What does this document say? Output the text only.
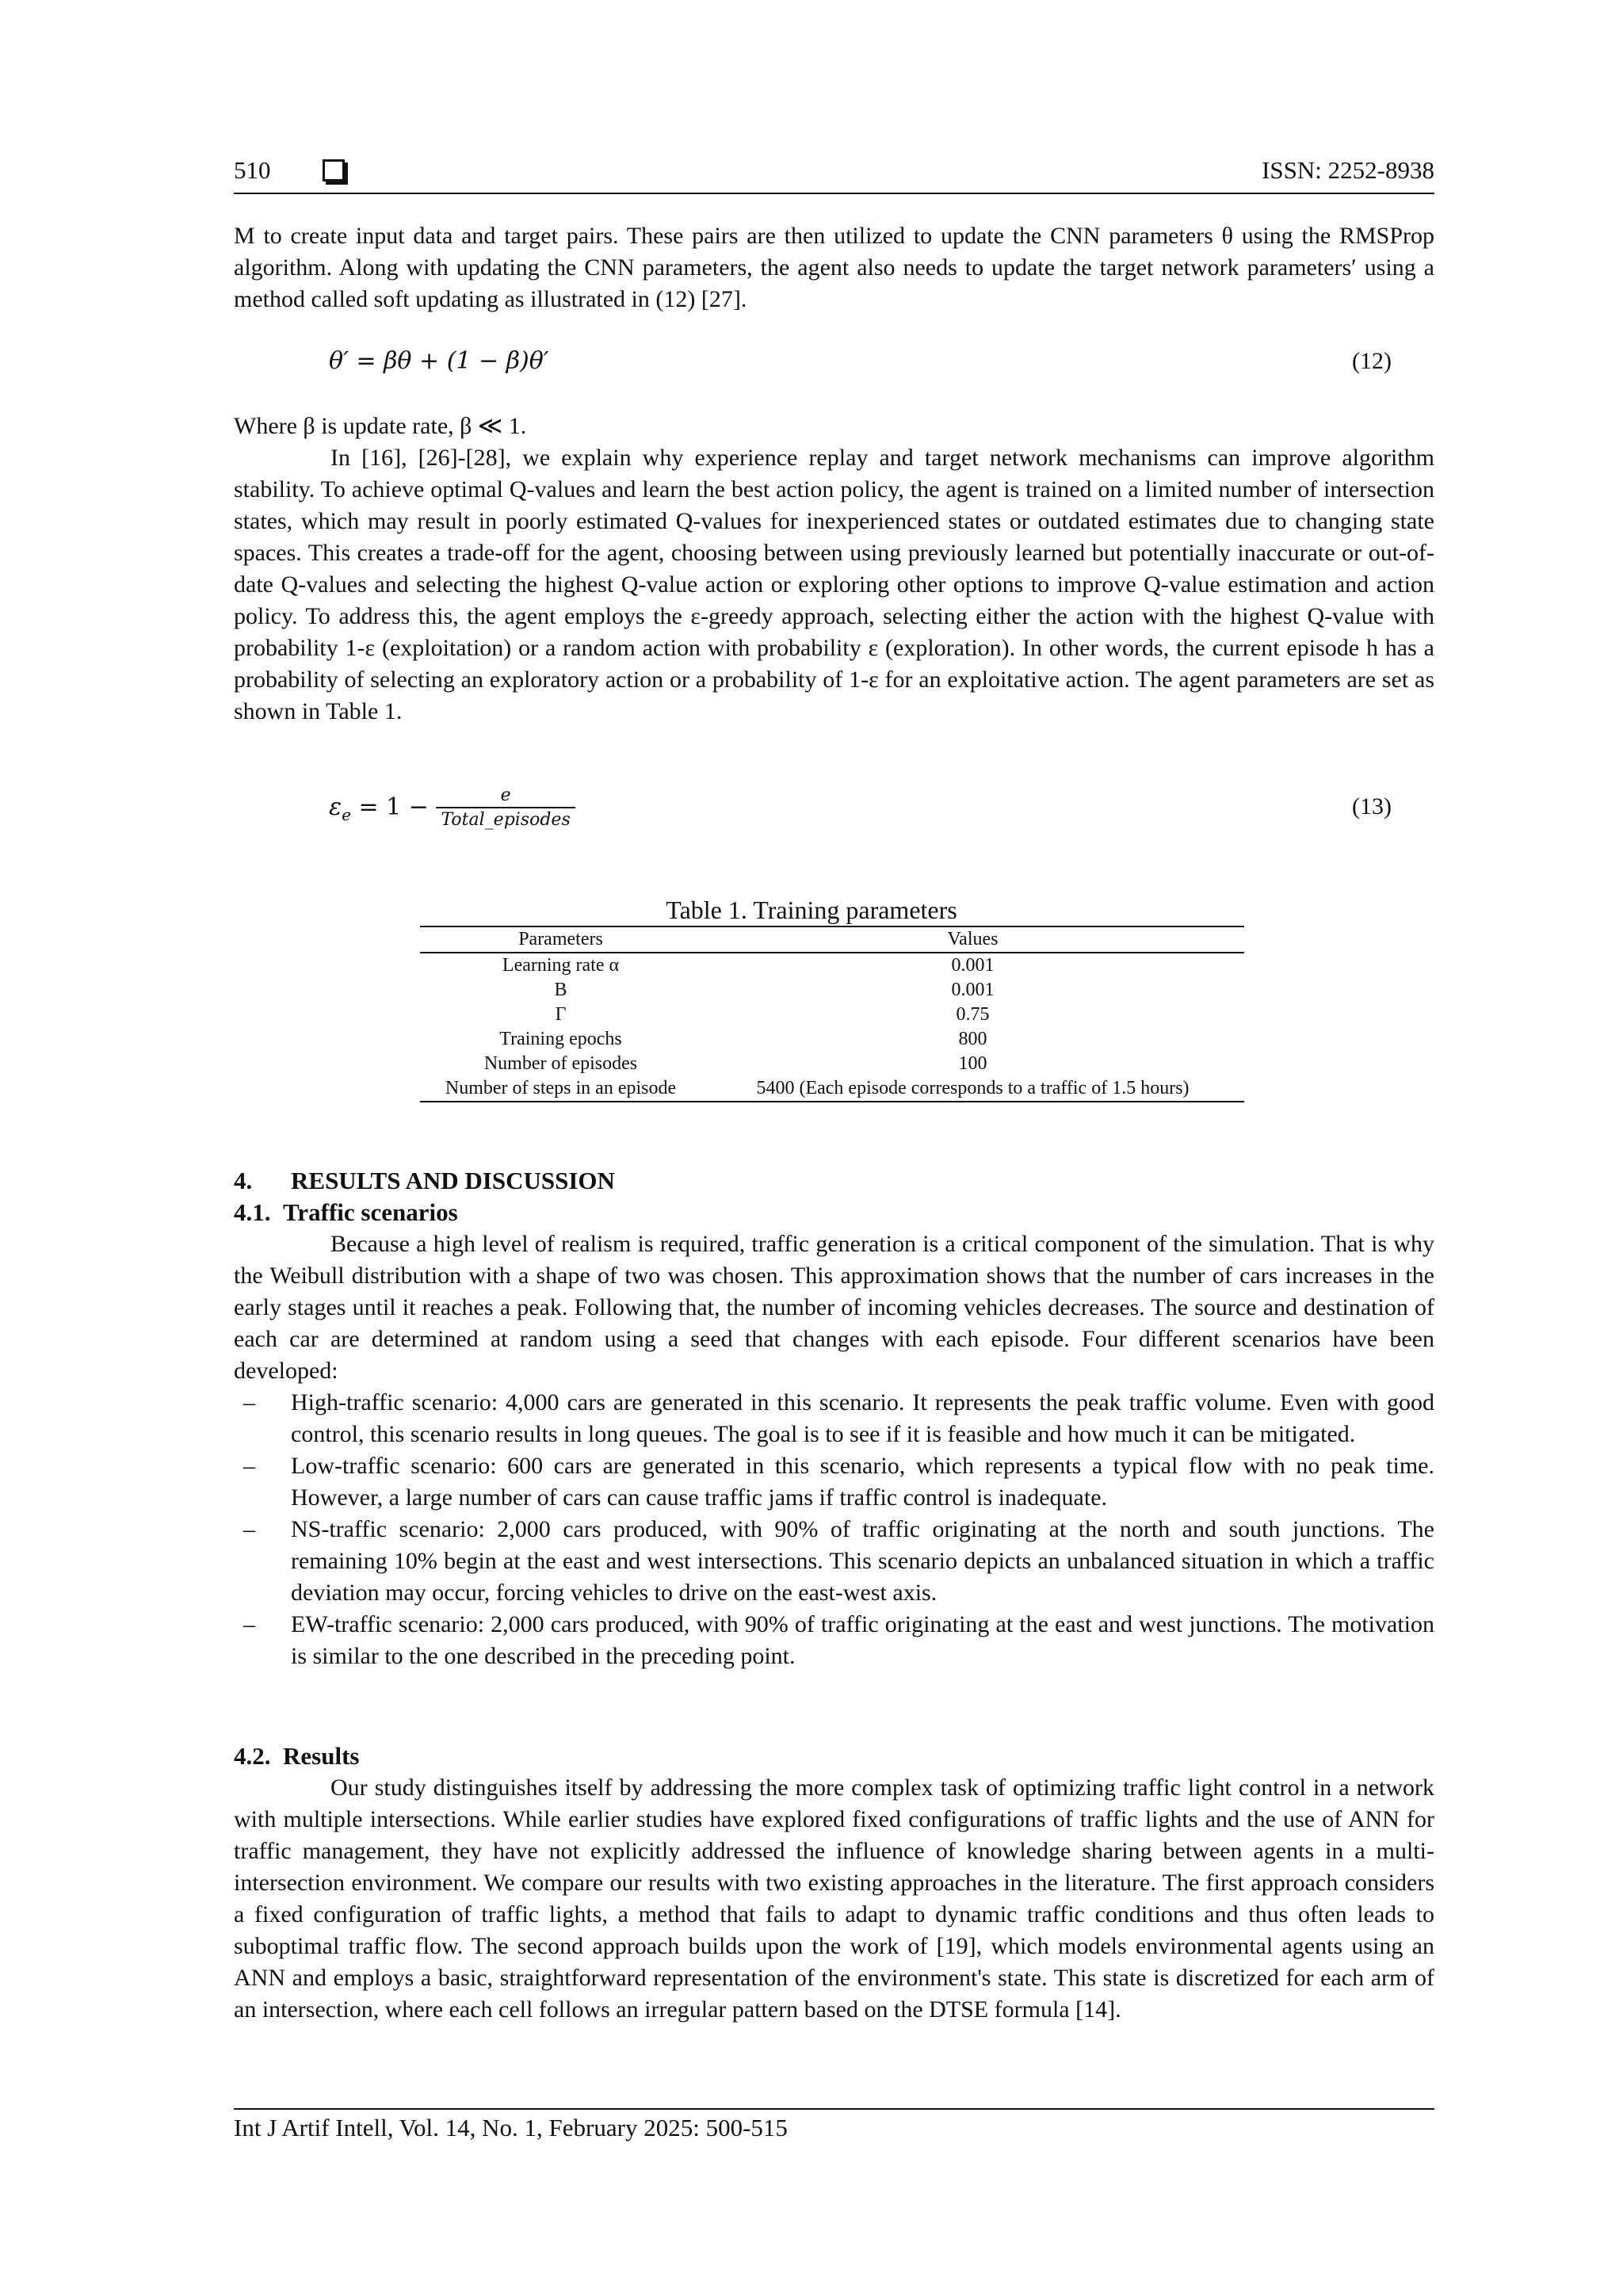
510	ISSN: 2252-8938
M to create input data and target pairs. These pairs are then utilized to update the CNN parameters θ using the RMSProp algorithm. Along with updating the CNN parameters, the agent also needs to update the target network parameters′ using a method called soft updating as illustrated in (12) [27].
θ′ = βθ + (1 − β)θ′	(12)
Where β is update rate, β ≪ 1.
In [16], [26]-[28], we explain why experience replay and target network mechanisms can improve algorithm stability. To achieve optimal Q-values and learn the best action policy, the agent is trained on a limited number of intersection states, which may result in poorly estimated Q-values for inexperienced states or outdated estimates due to changing state spaces. This creates a trade-off for the agent, choosing between using previously learned but potentially inaccurate or out-of-date Q-values and selecting the highest Q-value action or exploring other options to improve Q-value estimation and action policy. To address this, the agent employs the ε-greedy approach, selecting either the action with the highest Q-value with probability 1-ε (exploitation) or a random action with probability ε (exploration). In other words, the current episode h has a probability of selecting an exploratory action or a probability of 1-ε for an exploitative action. The agent parameters are set as shown in Table 1.
$\varepsilon_e = 1 - \frac{e}{\text{Total\_episodes}}$	(13)
Table 1. Training parameters
Parameters	Values
Learning rate α	0.001
Β	0.001
Γ	0.75
Training epochs	800
Number of episodes	100
Number of steps in an episode	5400 (Each episode corresponds to a traffic of 1.5 hours)
4. RESULTS AND DISCUSSION
4.1. Traffic scenarios
Because a high level of realism is required, traffic generation is a critical component of the simulation. That is why the Weibull distribution with a shape of two was chosen. This approximation shows that the number of cars increases in the early stages until it reaches a peak. Following that, the number of incoming vehicles decreases. The source and destination of each car are determined at random using a seed that changes with each episode. Four different scenarios have been developed:
– High-traffic scenario: 4,000 cars are generated in this scenario. It represents the peak traffic volume. Even with good control, this scenario results in long queues. The goal is to see if it is feasible and how much it can be mitigated.
– Low-traffic scenario: 600 cars are generated in this scenario, which represents a typical flow with no peak time. However, a large number of cars can cause traffic jams if traffic control is inadequate.
– NS-traffic scenario: 2,000 cars produced, with 90% of traffic originating at the north and south junctions. The remaining 10% begin at the east and west intersections. This scenario depicts an unbalanced situation in which a traffic deviation may occur, forcing vehicles to drive on the east-west axis.
– EW-traffic scenario: 2,000 cars produced, with 90% of traffic originating at the east and west junctions. The motivation is similar to the one described in the preceding point.
4.2. Results
Our study distinguishes itself by addressing the more complex task of optimizing traffic light control in a network with multiple intersections. While earlier studies have explored fixed configurations of traffic lights and the use of ANN for traffic management, they have not explicitly addressed the influence of knowledge sharing between agents in a multi-intersection environment. We compare our results with two existing approaches in the literature. The first approach considers a fixed configuration of traffic lights, a method that fails to adapt to dynamic traffic conditions and thus often leads to suboptimal traffic flow. The second approach builds upon the work of [19], which models environmental agents using an ANN and employs a basic, straightforward representation of the environment's state. This state is discretized for each arm of an intersection, where each cell follows an irregular pattern based on the DTSE formula [14].
Int J Artif Intell, Vol. 14, No. 1, February 2025: 500-515
